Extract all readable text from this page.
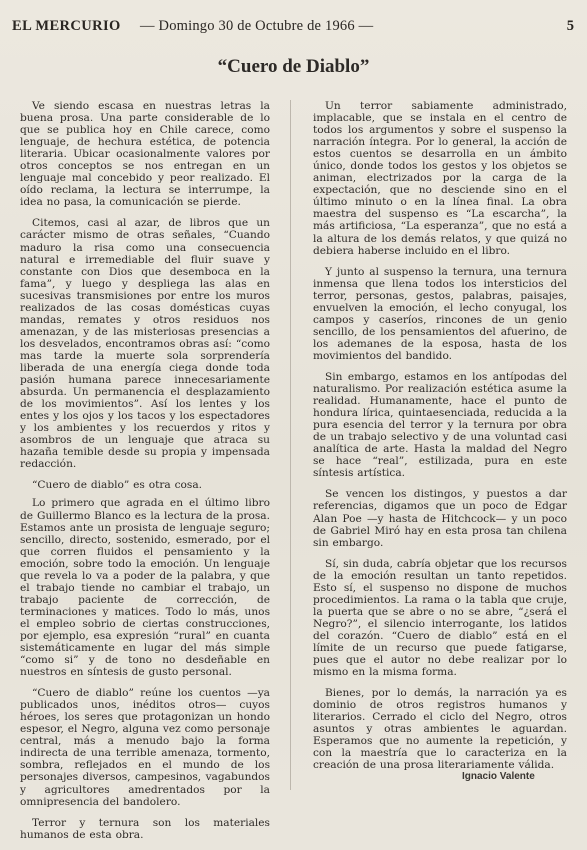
EL MERCURIO — Domingo 30 de Octubre de 1966 —	5
“Cuero de Diablo”

Ve siendo escasa en nuestras letras la buena prosa. Una parte considerable de lo que se publica hoy en Chile carece, como lenguaje, de hechura estética, de potencia literaria. Ubicar ocasionalmente valores por otros conceptos se nos entregan en un lenguaje mal concebido y peor realizado. El oído reclama, la lectura se interrumpe, la idea no pasa, la comunicación se pierde.

Citemos, casi al azar, de libros que un carácter mismo de otras señales, “Cuando maduro la risa como una consecuencia natural e irremediable del fluir suave y constante con Dios que desemboca en la fama”, y luego y despliega las alas en sucesivas transmisiones por entre los muros realizados de las cosas domésticas cuyas mandas, remates y otros residuos nos amenazan, y de las misteriosas presencias a los desvelados, encontramos obras así: “como mas tarde la muerte sola sorprendería liberada de una energía ciega donde toda pasión humana parece innecesariamente absurda. Un permanencia el desplazamiento de los movimientos”. Así los lentes y los entes y los ojos y los tacos y los espectadores y los ambientes y los recuerdos y ritos y asombros de un lenguaje que atraca su hazaña temible desde su propia y impensada redacción.

“Cuero de diablo” es otra cosa.

Lo primero que agrada en el último libro de Guillermo Blanco es la lectura de la prosa. Estamos ante un prosista de lenguaje seguro; sencillo, directo, sostenido, esmerado, por el que corren fluidos el pensamiento y la emoción, sobre todo la emoción. Un lenguaje que revela lo va a poder de la palabra, y que el trabajo tiende no cambiar el trabajo, un trabajo paciente de corrección, de terminaciones y matices. Todo lo más, unos el empleo sobrio de ciertas construcciones, por ejemplo, esa expresión “rural” en cuanta sistemáticamente en lugar del más simple “como si” y de tono no desdeñable en nuestros en síntesis de gusto personal.

“Cuero de diablo” reúne los cuentos —ya publicados unos, inéditos otros— cuyos héroes, los seres que protagonizan un hondo espesor, el Negro, alguna vez como personaje central, más a menudo bajo la forma indirecta de una terrible amenaza, tormento, sombra, reflejados en el mundo de los personajes diversos, campesinos, vagabundos y agricultores amedrentados por la omnipresencia del bandolero.

Terror y ternura son los materiales humanos de esta obra.

Un terror sabiamente administrado, implacable, que se instala en el centro de todos los argumentos y sobre el suspenso la narración íntegra. Por lo general, la acción de estos cuentos se desarrolla en un ámbito único, donde todos los gestos y los objetos se animan, electrizados por la carga de la expectación, que no desciende sino en el último minuto o en la línea final. La obra maestra del suspenso es “La escarcha”, la más artificiosa, “La esperanza”, que no está a la altura de los demás relatos, y que quizá no debiera haberse incluido en el libro.

Y junto al suspenso la ternura, una ternura inmensa que llena todos los intersticios del terror, personas, gestos, palabras, paisajes, envuelven la emoción, el lecho conyugal, los campos y caseríos, rincones de un genio sencillo, de los pensamientos del afuerino, de los ademanes de la esposa, hasta de los movimientos del bandido.

Sin embargo, estamos en los antípodas del naturalismo. Por realización estética asume la realidad. Humanamente, hace el punto de hondura lírica, quintaesenciada, reducida a la pura esencia del terror y la ternura por obra de un trabajo selectivo y de una voluntad casi analítica de arte. Hasta la maldad del Negro se hace “real”, estilizada, pura en este síntesis artística.

Se vencen los distingos, y puestos a dar referencias, digamos que un poco de Edgar Alan Poe —y hasta de Hitchcock— y un poco de Gabriel Miró hay en esta prosa tan chilena sin embargo.

Sí, sin duda, cabría objetar que los recursos de la emoción resultan un tanto repetidos. Esto sí, el suspenso no dispone de muchos procedimientos. La rama o la tabla que cruje, la puerta que se abre o no se abre, “¿será el Negro?”, el silencio interrogante, los latidos del corazón. “Cuero de diablo” está en el límite de un recurso que puede fatigarse, pues que el autor no debe realizar por lo mismo en la misma forma.

Bienes, por lo demás, la narración ya es dominio de otros registros humanos y literarios. Cerrado el ciclo del Negro, otros asuntos y otras ambientes le aguardan. Esperamos que no aumente la repetición, y con la maestría que lo caracteriza en la creación de una prosa literariamente válida.

Ignacio Valente
